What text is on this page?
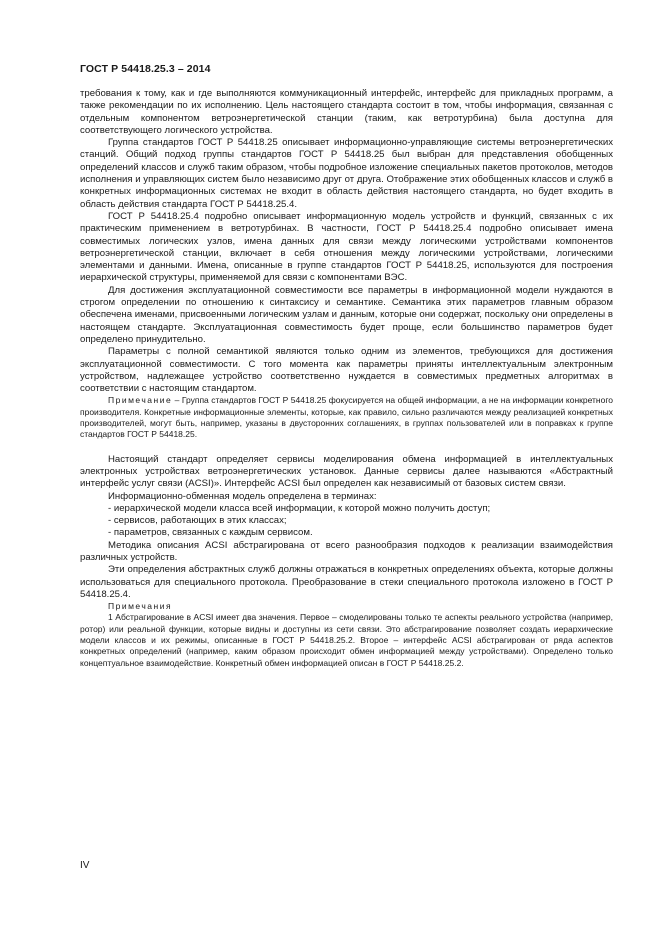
ГОСТ Р 54418.25.3 – 2014

требования к тому, как и где выполняются коммуникационный интерфейс, интерфейс для прикладных программ, а также рекомендации по их исполнению. Цель настоящего стандарта состоит в том, чтобы информация, связанная с отдельным компонентом ветроэнергетической станции (таким, как ветротурбина) была доступна для соответствующего логического устройства.

Группа стандартов ГОСТ Р 54418.25 описывает информационно-управляющие системы ветроэнергетических станций. Общий подход группы стандартов ГОСТ Р 54418.25 был выбран для представления обобщенных определений классов и служб таким образом, чтобы подробное изложение специальных пакетов протоколов, методов исполнения и управляющих систем было независимо друг от друга. Отображение этих обобщенных классов и служб в конкретных информационных системах не входит в область действия настоящего стандарта, но будет входить в область действия стандарта ГОСТ Р 54418.25.4.

ГОСТ Р 54418.25.4 подробно описывает информационную модель устройств и функций, связанных с их практическим применением в ветротурбинах. В частности, ГОСТ Р 54418.25.4 подробно описывает имена совместимых логических узлов, имена данных для связи между логическими устройствами компонентов ветроэнергетической станции, включает в себя отношения между логическими устройствами, логическими элементами и данными. Имена, описанные в группе стандартов ГОСТ Р 54418.25, используются для построения иерархической структуры, применяемой для связи с компонентами ВЭС.

Для достижения эксплуатационной совместимости все параметры в информационной модели нуждаются в строгом определении по отношению к синтаксису и семантике. Семантика этих параметров главным образом обеспечена именами, присвоенными логическим узлам и данным, которые они содержат, поскольку они определены в настоящем стандарте. Эксплуатационная совместимость будет проще, если большинство параметров будет определено принудительно.

Параметры с полной семантикой являются только одним из элементов, требующихся для достижения эксплуатационной совместимости. С того момента как параметры приняты интеллектуальным электронным устройством, надлежащее устройство соответственно нуждается в совместимых предметных алгоритмах в соответствии с настоящим стандартом.

Примечание – Группа стандартов ГОСТ Р 54418.25 фокусируется на общей информации, а не на информации конкретного производителя. Конкретные информационные элементы, которые, как правило, сильно различаются между реализацией конкретных производителей, могут быть, например, указаны в двусторонних соглашениях, в группах пользователей или в поправках к группе стандартов ГОСТ Р 54418.25.

Настоящий стандарт определяет сервисы моделирования обмена информацией в интеллектуальных электронных устройствах ветроэнергетических установок. Данные сервисы далее называются «Абстрактный интерфейс услуг связи (ACSI)». Интерфейс ACSI был определен как независимый от базовых систем связи.

Информационно-обменная модель определена в терминах:

- иерархической модели класса всей информации, к которой можно получить доступ;

- сервисов, работающих в этих классах;

- параметров, связанных с каждым сервисом.

Методика описания ACSI абстрагирована от всего разнообразия подходов к реализации взаимодействия различных устройств.

Эти определения абстрактных служб должны отражаться в конкретных определениях объекта, которые должны использоваться для специального протокола. Преобразование в стеки специального протокола изложено в ГОСТ Р 54418.25.4.

Примечания

1 Абстрагирование в ACSI имеет два значения. Первое – смоделированы только те аспекты реального устройства (например, ротор) или реальной функции, которые видны и доступны из сети связи. Это абстрагирование позволяет создать иерархические модели классов и их режимы, описанные в ГОСТ Р 54418.25.2. Второе – интерфейс ACSI абстрагирован от ряда аспектов конкретных определений (например, каким образом происходит обмен информацией между устройствами). Определено только концептуальное взаимодействие. Конкретный обмен информацией описан в ГОСТ Р 54418.25.2.

IV
